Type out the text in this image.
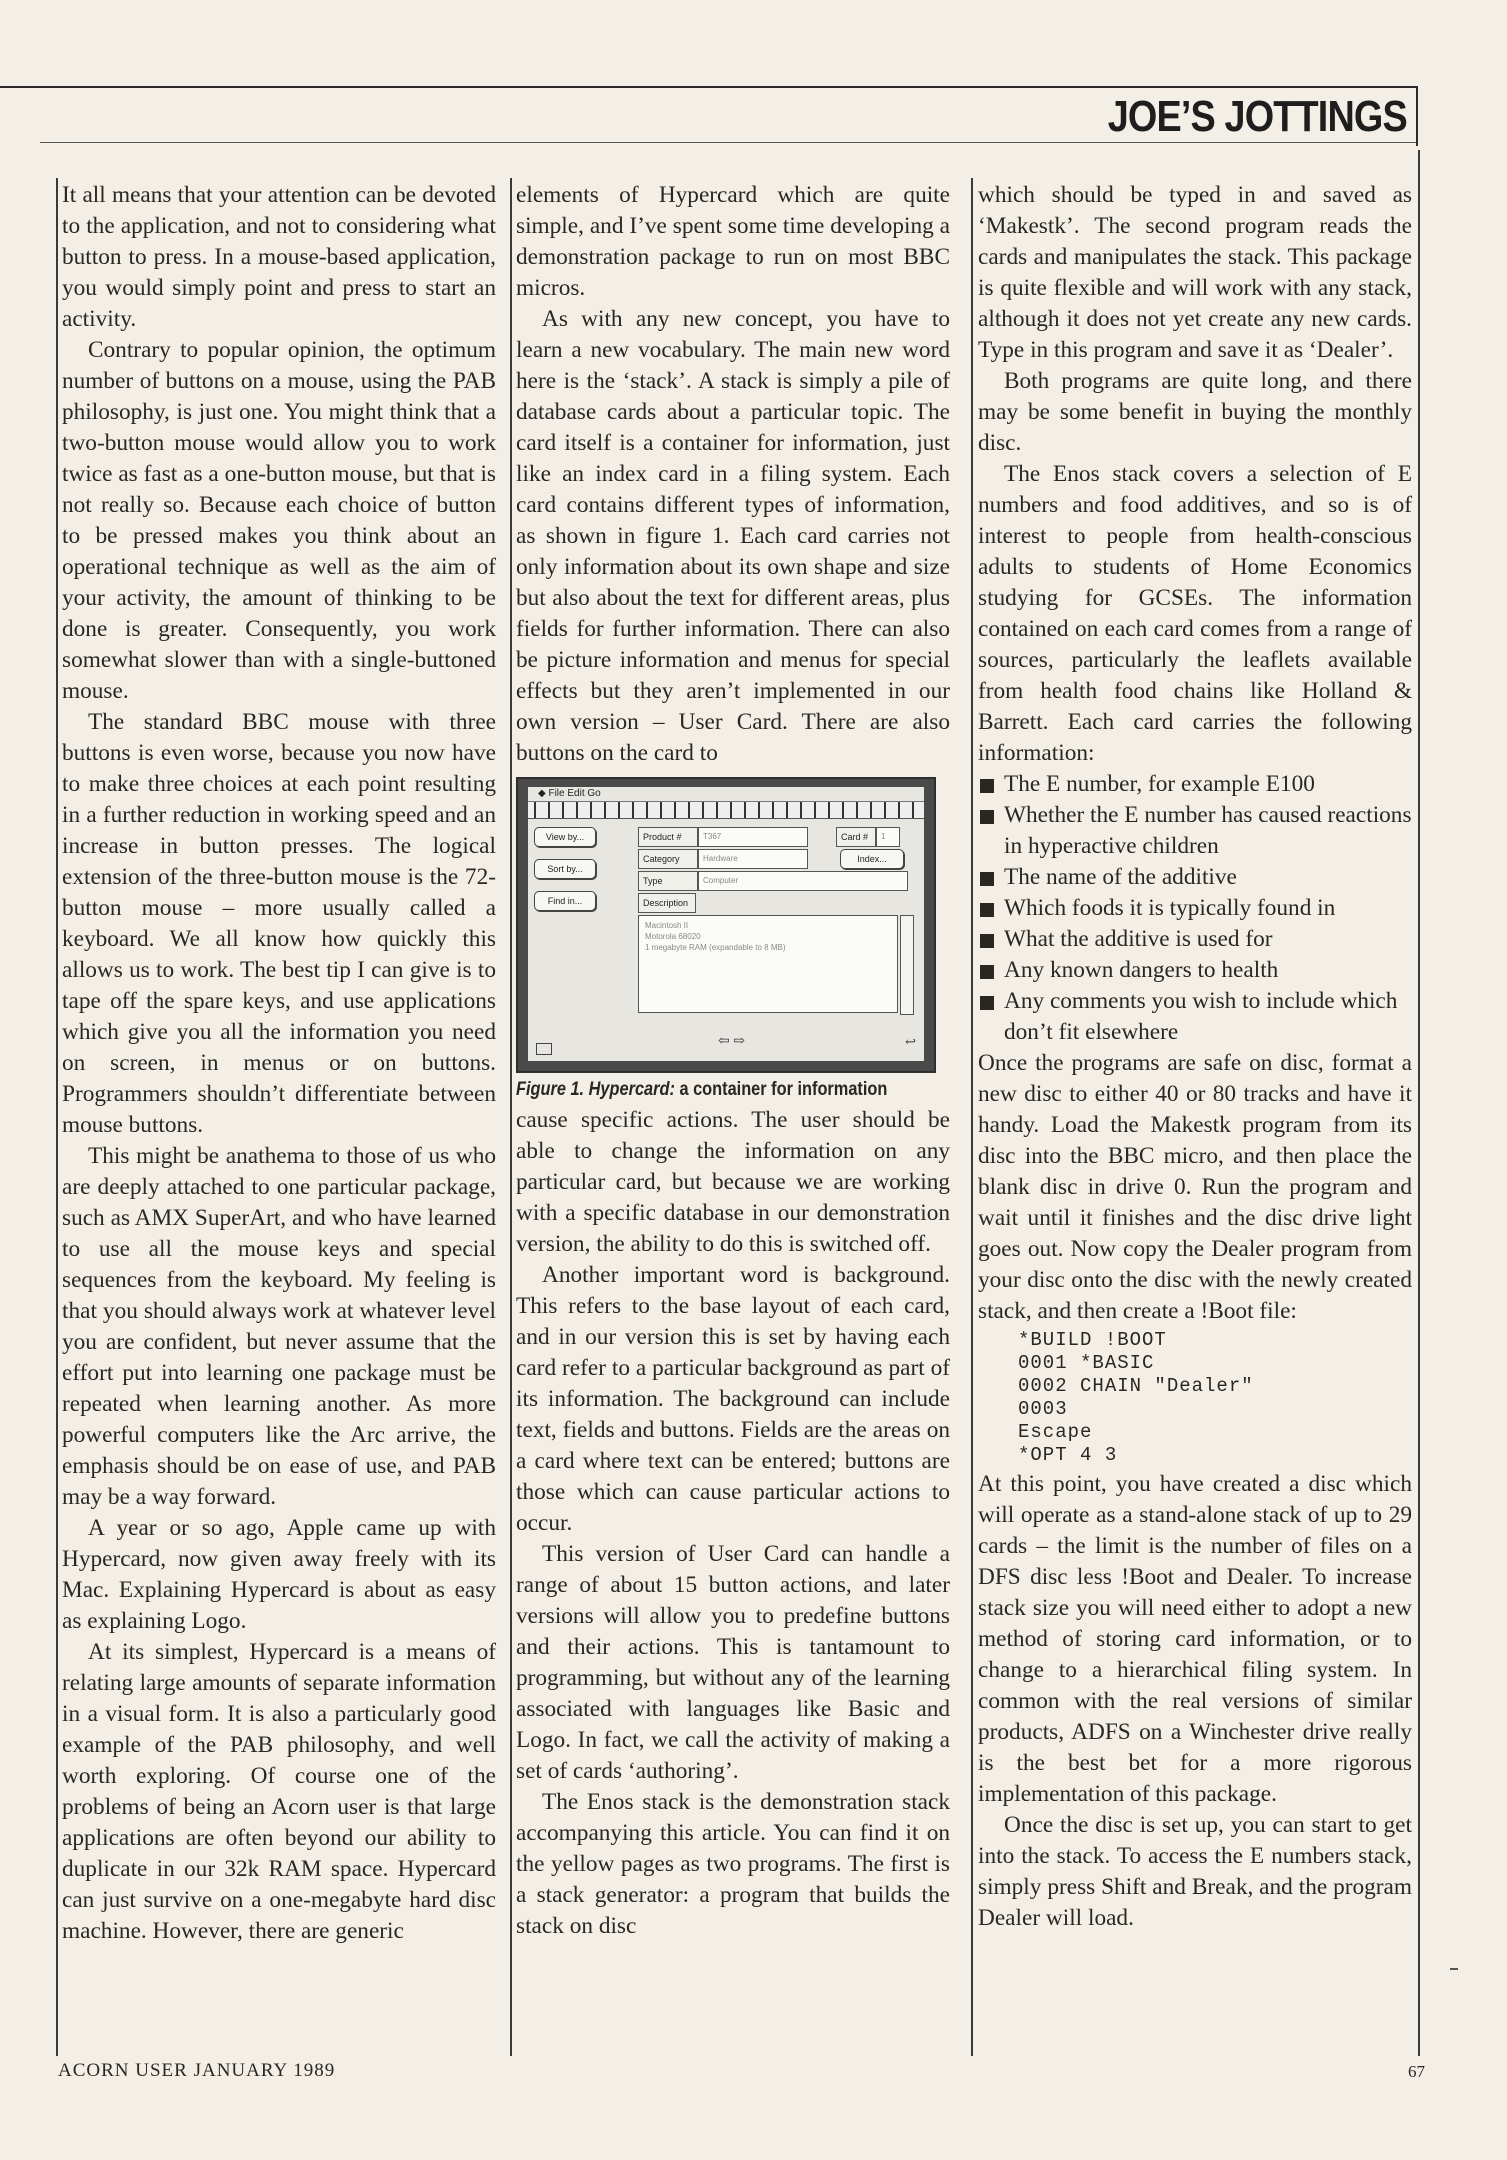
JOE’S JOTTINGS

It all means that your attention can be devoted to the application, and not to considering what button to press. In a mouse-based application, you would simply point and press to start an activity.

Contrary to popular opinion, the optimum number of buttons on a mouse, using the PAB philosophy, is just one. You might think that a two-button mouse would allow you to work twice as fast as a one-button mouse, but that is not really so. Because each choice of button to be pressed makes you think about an operational technique as well as the aim of your activity, the amount of thinking to be done is greater. Consequently, you work somewhat slower than with a single-buttoned mouse.

The standard BBC mouse with three buttons is even worse, because you now have to make three choices at each point resulting in a further reduction in working speed and an increase in button presses. The logical extension of the three-button mouse is the 72-button mouse – more usually called a keyboard. We all know how quickly this allows us to work. The best tip I can give is to tape off the spare keys, and use applications which give you all the information you need on screen, in menus or on buttons. Programmers shouldn’t differentiate between mouse buttons.

This might be anathema to those of us who are deeply attached to one particular package, such as AMX SuperArt, and who have learned to use all the mouse keys and special sequences from the keyboard. My feeling is that you should always work at whatever level you are confident, but never assume that the effort put into learning one package must be repeated when learning another. As more powerful computers like the Arc arrive, the emphasis should be on ease of use, and PAB may be a way forward.

A year or so ago, Apple came up with Hypercard, now given away freely with its Mac. Explaining Hypercard is about as easy as explaining Logo.

At its simplest, Hypercard is a means of relating large amounts of separate information in a visual form. It is also a particularly good example of the PAB philosophy, and well worth exploring. Of course one of the problems of being an Acorn user is that large applications are often beyond our ability to duplicate in our 32k RAM space. Hypercard can just survive on a one-megabyte hard disc machine. However, there are generic

elements of Hypercard which are quite simple, and I’ve spent some time developing a demonstration package to run on most BBC micros.

As with any new concept, you have to learn a new vocabulary. The main new word here is the ‘stack’. A stack is simply a pile of database cards about a particular topic. The card itself is a container for information, just like an index card in a filing system. Each card contains different types of information, as shown in figure 1. Each card carries not only information about its own shape and size but also about the text for different areas, plus fields for further information. There can also be picture information and menus for special effects but they aren’t implemented in our own version – User Card. There are also buttons on the card to

◆ File Edit Go
View by...
Sort by...
Find in...
Product #	T367	Card #	1
Category	Hardware	Index...
Type	Computer
Description
Macintosh II
Motorola 68020
1 megabyte RAM (expandable to 8 MB)
⇦ ⇨	↩
Figure 1. Hypercard: a container for information

cause specific actions. The user should be able to change the information on any particular card, but because we are working with a specific database in our demonstration version, the ability to do this is switched off.

Another important word is background. This refers to the base layout of each card, and in our version this is set by having each card refer to a particular background as part of its information. The background can include text, fields and buttons. Fields are the areas on a card where text can be entered; buttons are those which can cause particular actions to occur.

This version of User Card can handle a range of about 15 button actions, and later versions will allow you to predefine buttons and their actions. This is tantamount to programming, but without any of the learning associated with languages like Basic and Logo. In fact, we call the activity of making a set of cards ‘authoring’.

The Enos stack is the demonstration stack accompanying this article. You can find it on the yellow pages as two programs. The first is a stack generator: a program that builds the stack on disc

which should be typed in and saved as ‘Makestk’. The second program reads the cards and manipulates the stack. This package is quite flexible and will work with any stack, although it does not yet create any new cards. Type in this program and save it as ‘Dealer’.

Both programs are quite long, and there may be some benefit in buying the monthly disc.

The Enos stack covers a selection of E numbers and food additives, and so is of interest to people from health-conscious adults to students of Home Economics studying for GCSEs. The information contained on each card comes from a range of sources, particularly the leaflets available from health food chains like Holland & Barrett. Each card carries the following information:

The E number, for example E100
Whether the E number has caused reactions in hyperactive children
The name of the additive
Which foods it is typically found in
What the additive is used for
Any known dangers to health
Any comments you wish to include which don’t fit elsewhere

Once the programs are safe on disc, format a new disc to either 40 or 80 tracks and have it handy. Load the Makestk program from its disc into the BBC micro, and then place the blank disc in drive 0. Run the program and wait until it finishes and the disc drive light goes out. Now copy the Dealer program from your disc onto the disc with the newly created stack, and then create a !Boot file:

*BUILD !BOOT
0001 *BASIC
0002 CHAIN "Dealer"
0003
Escape
*OPT 4 3

At this point, you have created a disc which will operate as a stand-alone stack of up to 29 cards – the limit is the number of files on a DFS disc less !Boot and Dealer. To increase stack size you will need either to adopt a new method of storing card information, or to change to a hierarchical filing system. In common with the real versions of similar products, ADFS on a Winchester drive really is the best bet for a more rigorous implementation of this package.

Once the disc is set up, you can start to get into the stack. To access the E numbers stack, simply press Shift and Break, and the program Dealer will load.

ACORN USER JANUARY 1989	67
